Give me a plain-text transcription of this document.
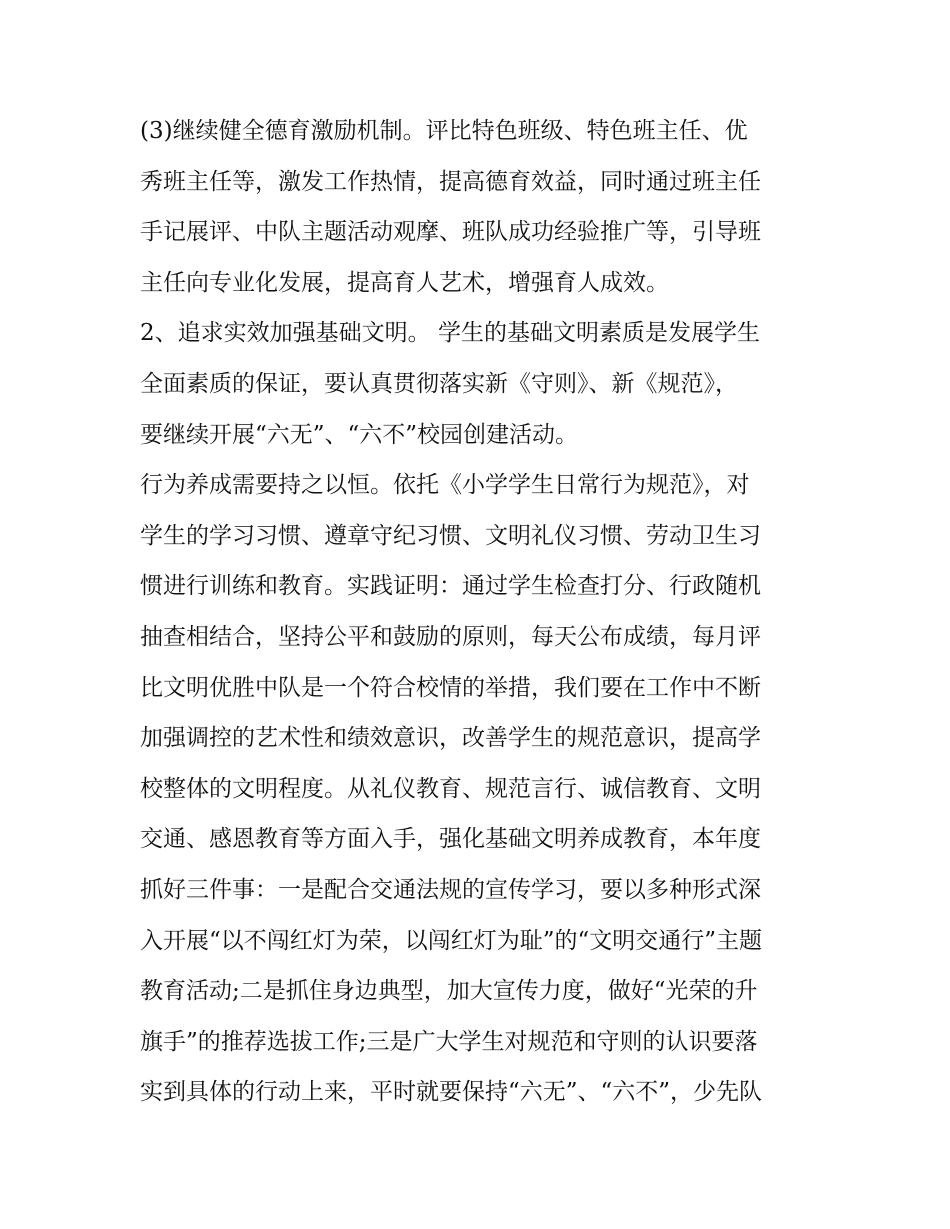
(3)继续健全德育激励机制。评比特色班级、特色班主任、优
秀班主任等，激发工作热情，提高德育效益，同时通过班主任
手记展评、中队主题活动观摩、班队成功经验推广等，引导班
主任向专业化发展，提高育人艺术，增强育人成效。
2、追求实效加强基础文明。 学生的基础文明素质是发展学生
全面素质的保证，要认真贯彻落实新《守则》、新《规范》，
要继续开展“六无”、“六不”校园创建活动。
行为养成需要持之以恒。依托《小学学生日常行为规范》，对
学生的学习习惯、遵章守纪习惯、文明礼仪习惯、劳动卫生习
惯进行训练和教育。实践证明：通过学生检查打分、行政随机
抽查相结合，坚持公平和鼓励的原则，每天公布成绩，每月评
比文明优胜中队是一个符合校情的举措，我们要在工作中不断
加强调控的艺术性和绩效意识，改善学生的规范意识，提高学
校整体的文明程度。从礼仪教育、规范言行、诚信教育、文明
交通、感恩教育等方面入手，强化基础文明养成教育，本年度
抓好三件事：一是配合交通法规的宣传学习，要以多种形式深
入开展“以不闯红灯为荣，以闯红灯为耻”的“文明交通行”主题
教育活动;二是抓住身边典型，加大宣传力度，做好“光荣的升
旗手”的推荐选拔工作;三是广大学生对规范和守则的认识要落
实到具体的行动上来，平时就要保持“六无”、“六不”，少先队
